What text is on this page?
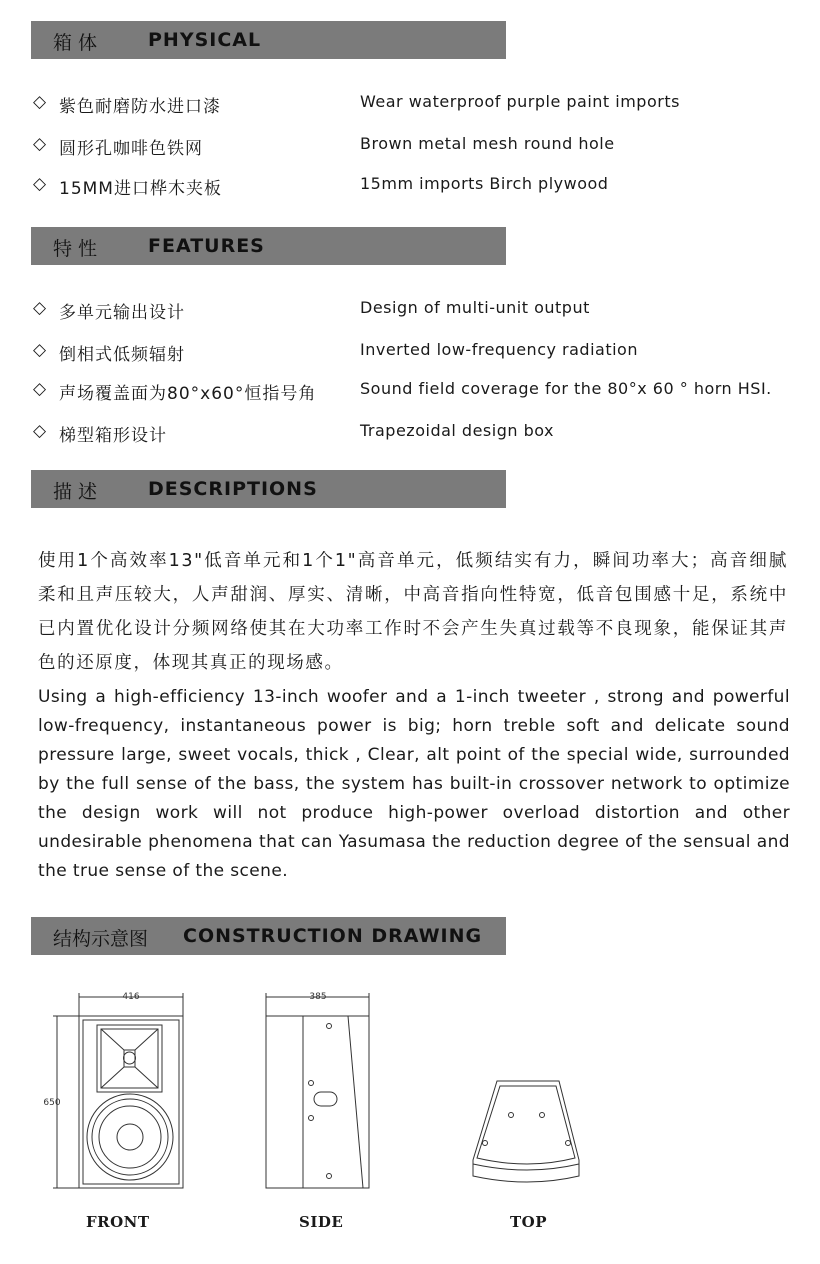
箱 体	PHYSICAL
◇ 紫色耐磨防水进口漆	Wear waterproof purple paint imports
◇ 圆形孔咖啡色铁网	Brown metal mesh round hole
◇ 15MM进口桦木夹板	15mm imports Birch plywood
特 性	FEATURES
◇ 多单元输出设计	Design of multi-unit output
◇ 倒相式低频辐射	Inverted low-frequency radiation
◇ 声场覆盖面为80°x60°恒指号角	Sound field coverage for the 80°x 60 ° horn HSI.
◇ 梯型箱形设计	Trapezoidal design box
描 述	DESCRIPTIONS
使用1个高效率13"低音单元和1个1"高音单元，低频结实有力，瞬间功率大；高音细腻柔和且声压较大，人声甜润、厚实、清晰，中高音指向性特宽，低音包围感十足，系统中已内置优化设计分频网络使其在大功率工作时不会产生失真过载等不良现象，能保证其声色的还原度，体现其真正的现场感。
Using a high-efficiency 13-inch woofer and a 1-inch tweeter , strong and powerful low-frequency, instantaneous power is big; horn treble soft and delicate sound pressure large, sweet vocals, thick , Clear, alt point of the special wide, surrounded by the full sense of the bass, the system has built-in crossover network to optimize the design work will not produce high-power overload distortion and other undesirable phenomena that can Yasumasa the reduction degree of the sensual and the true sense of the scene.
结构示意图 CONSTRUCTION DRAWING
416
650
385
FRONT	SIDE	TOP
